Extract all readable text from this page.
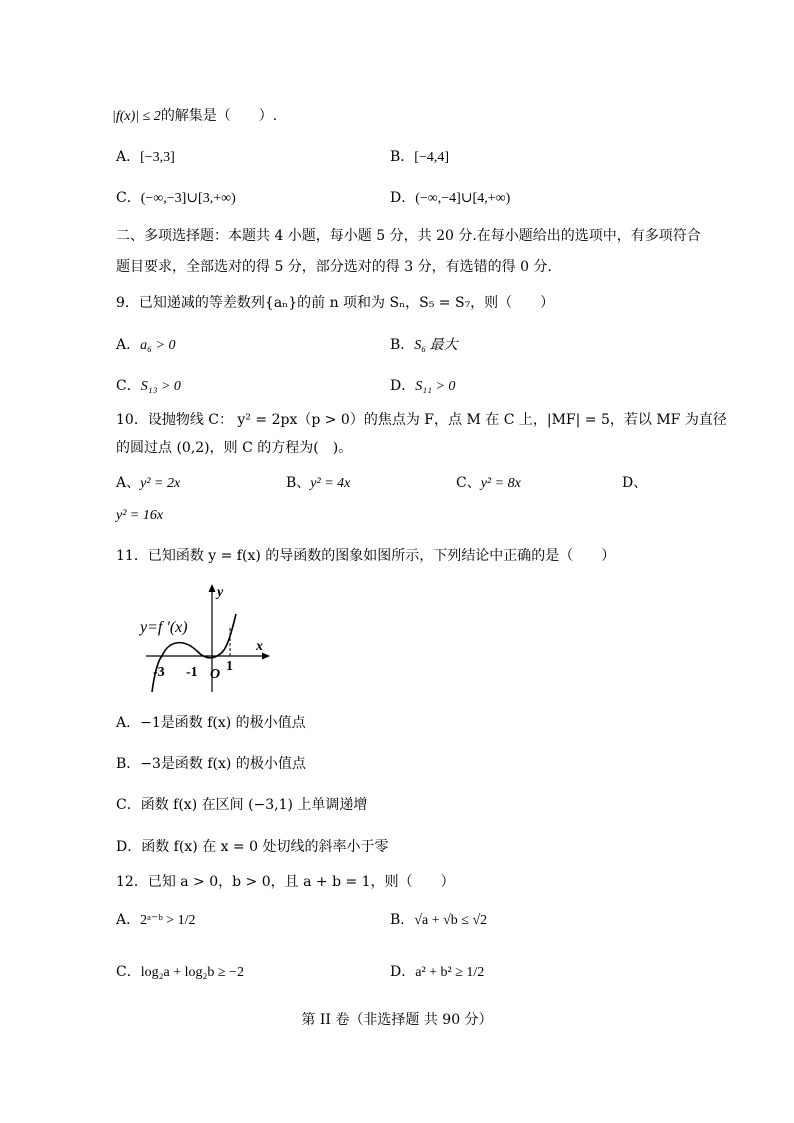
|f(x)| ≤ 2的解集是（　　）.
A．[−3,3]	B．[−4,4]
C．(−∞,−3]∪[3,+∞)	D．(−∞,−4]∪[4,+∞)
二、多项选择题：本题共 4 小题，每小题 5 分，共 20 分.在每小题给出的选项中，有多项符合
题目要求，全部选对的得 5 分，部分选对的得 3 分，有选错的得 0 分.
9．已知递减的等差数列{aₙ}的前 n 项和为 Sₙ，S₅ = S₇，则（　　）
A．a₆ > 0	B．S₆ 最大
C．S₁₃ > 0	D．S₁₁ > 0
10．设抛物线 C： y² = 2px（p > 0）的焦点为 F，点 M 在 C 上，|MF| = 5，若以 MF 为直径
的圆过点 (0,2)，则 C 的方程为(　)。
A、y² = 2x	B、y² = 4x	C、y² = 8x	D、
y² = 16x
11．已知函数 y = f(x) 的导函数的图象如图所示，下列结论中正确的是（　　）
y=f ′(x)
x
y
-3 -1 O
1
A．−1是函数 f(x) 的极小值点
B．−3是函数 f(x) 的极小值点
C．函数 f(x) 在区间 (−3,1) 上单调递增
D．函数 f(x) 在 x = 0 处切线的斜率小于零
12．已知 a > 0，b > 0，且 a + b = 1，则（　　）
A．2ᵃ⁻ᵇ > 1/2	B．√a + √b ≤ √2
C．log₂a + log₂b ≥ −2	D．a² + b² ≥ 1/2
第 II 卷（非选择题 共 90 分）
